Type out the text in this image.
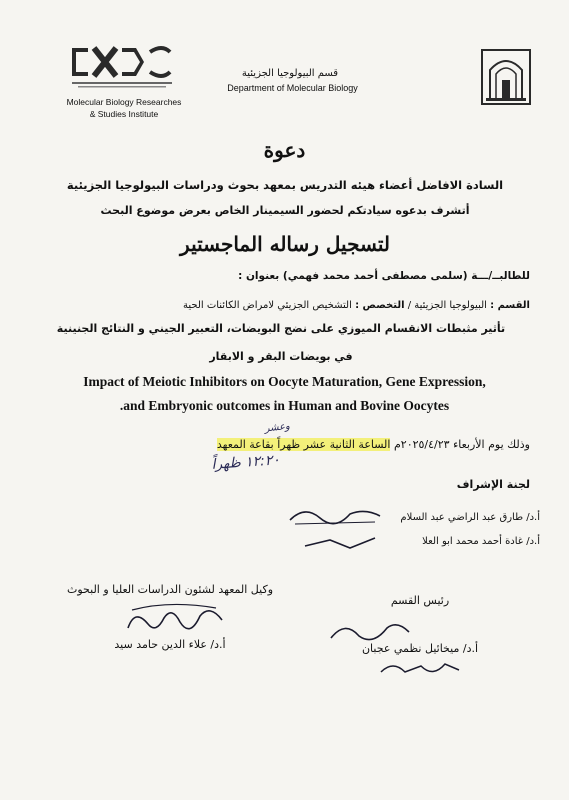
Molecular Biology Researches
& Studies Institute
قسم البيولوجيا الجزيئية
Department of Molecular Biology
دعوة
السادة الافاضل أعضاء هيئه التدريس بمعهد بحوث ودراسات البيولوجيا الجزيئية
أتشرف بدعوه سيادتكم لحضور السيمينار الخاص بعرض موضوع البحث
لتسجيل رساله الماجستير
للطالبــ/ـــة (سلمى مصطفى أحمد محمد فهمي) بعنوان :
القسم : البيولوجيا الجزيئية / التخصص : التشخيص الجزيئي لامراض الكائنات الحية
تأثير مثبطات الانقسام الميوزي على نضج البويضات، التعبير الجيني و النتائج الجنينية
في بويضات البقر و الابقار
Impact of Meiotic Inhibitors on Oocyte Maturation, Gene Expression,
.and Embryonic outcomes in Human and Bovine Oocytes
وذلك يوم الأربعاء ٢٠٢٥/٤/٢٣م الساعة الثانية عشر ظهراً بقاعة المعهد
وعشر
١٢:٢٠ ظهراً
لجنة الإشراف
أ.د/ طارق عبد الراضي عبد السلام
أ.د/ غادة أحمد محمد ابو العلا
رئيس القسم
وكيل المعهد لشئون الدراسات العليا و البحوث
أ.د/ علاء الدين حامد سيد	أ.د/ ميخائيل نظمي عجبان
